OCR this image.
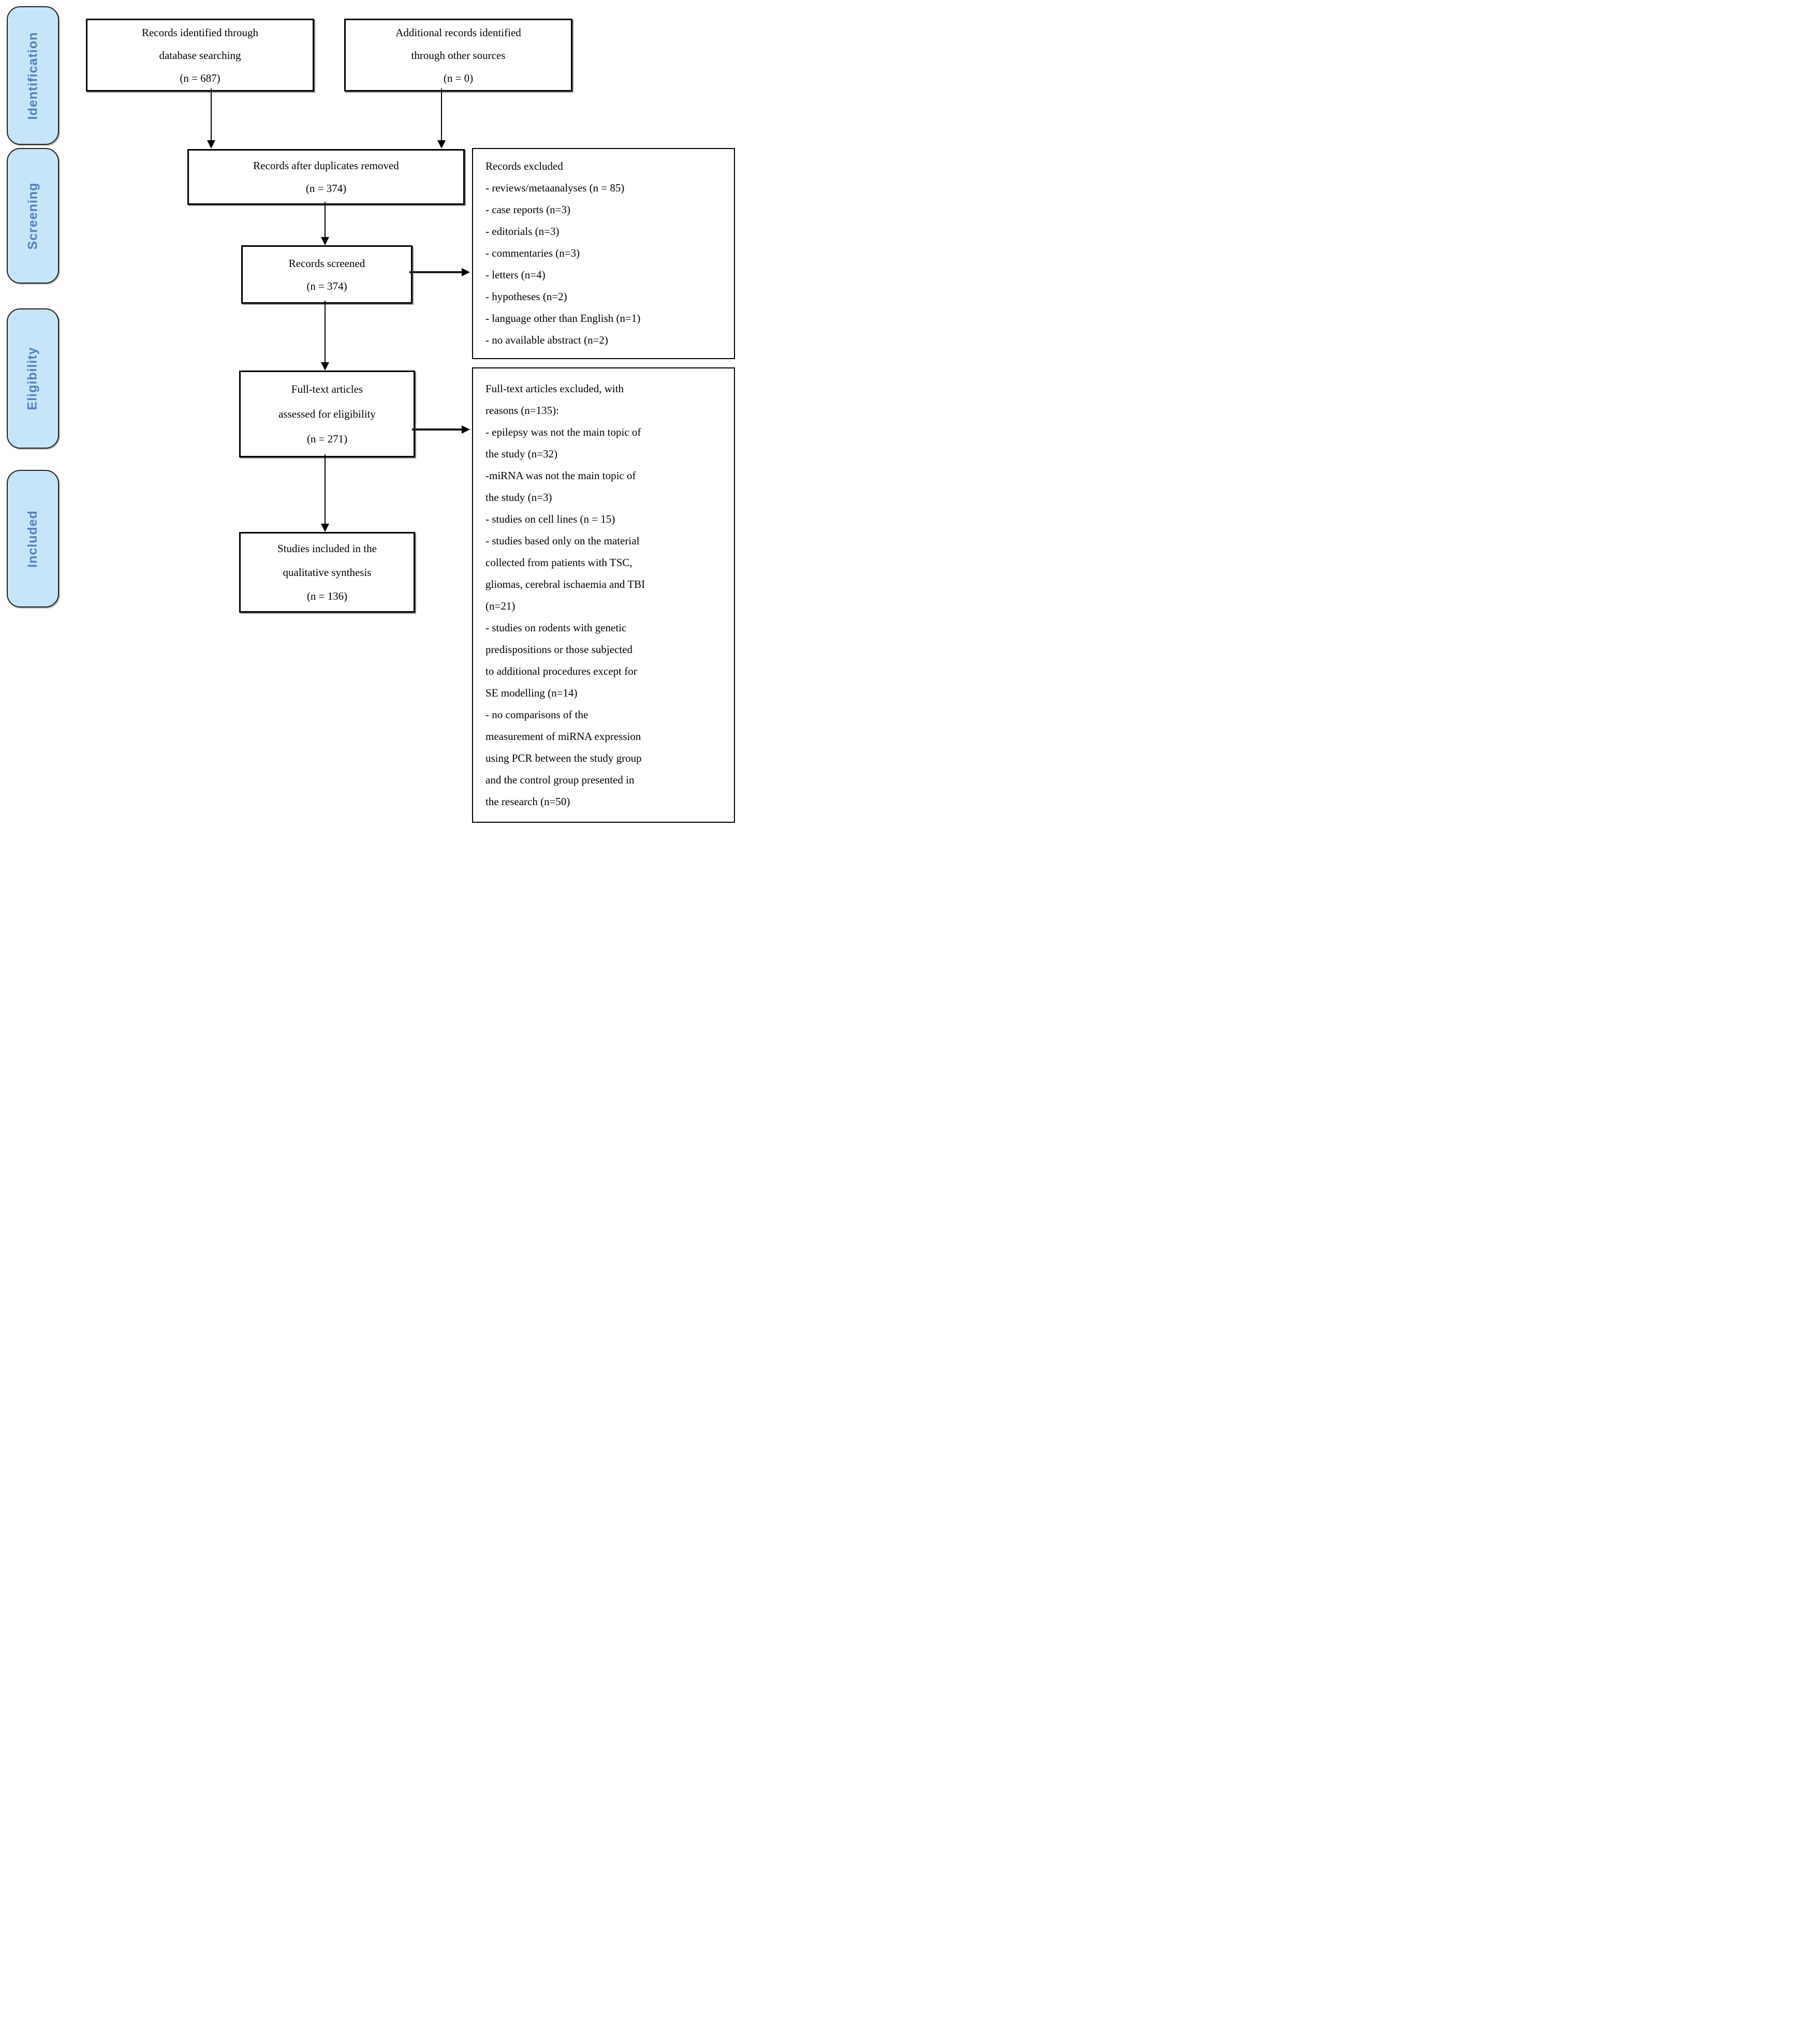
Identification
Screening
Eligibility
Included
Records identified through
database searching
(n = 687)
Additional records identified
through other sources
(n = 0)
Records after duplicates removed
(n = 374)
Records excluded
- reviews/metaanalyses (n = 85)
- case reports (n=3)
- editorials (n=3)
- commentaries (n=3)
- letters (n=4)
- hypotheses (n=2)
- language other than English (n=1)
- no available abstract (n=2)
Records screened
(n = 374)
Full-text articles
assessed for eligibility
(n = 271)
Full-text articles excluded, with
reasons (n=135):
- epilepsy was not the main topic of
the study (n=32)
-miRNA was not the main topic of
the study (n=3)
- studies on cell lines (n = 15)
- studies based only on the material
collected from patients with TSC,
gliomas, cerebral ischaemia and TBI
(n=21)
- studies on rodents with genetic
predispositions or those subjected
to additional procedures except for
SE modelling (n=14)
- no comparisons of the
measurement of miRNA expression
using PCR between the study group
and the control group presented in
the research (n=50)
Studies included in the
qualitative synthesis
(n = 136)
